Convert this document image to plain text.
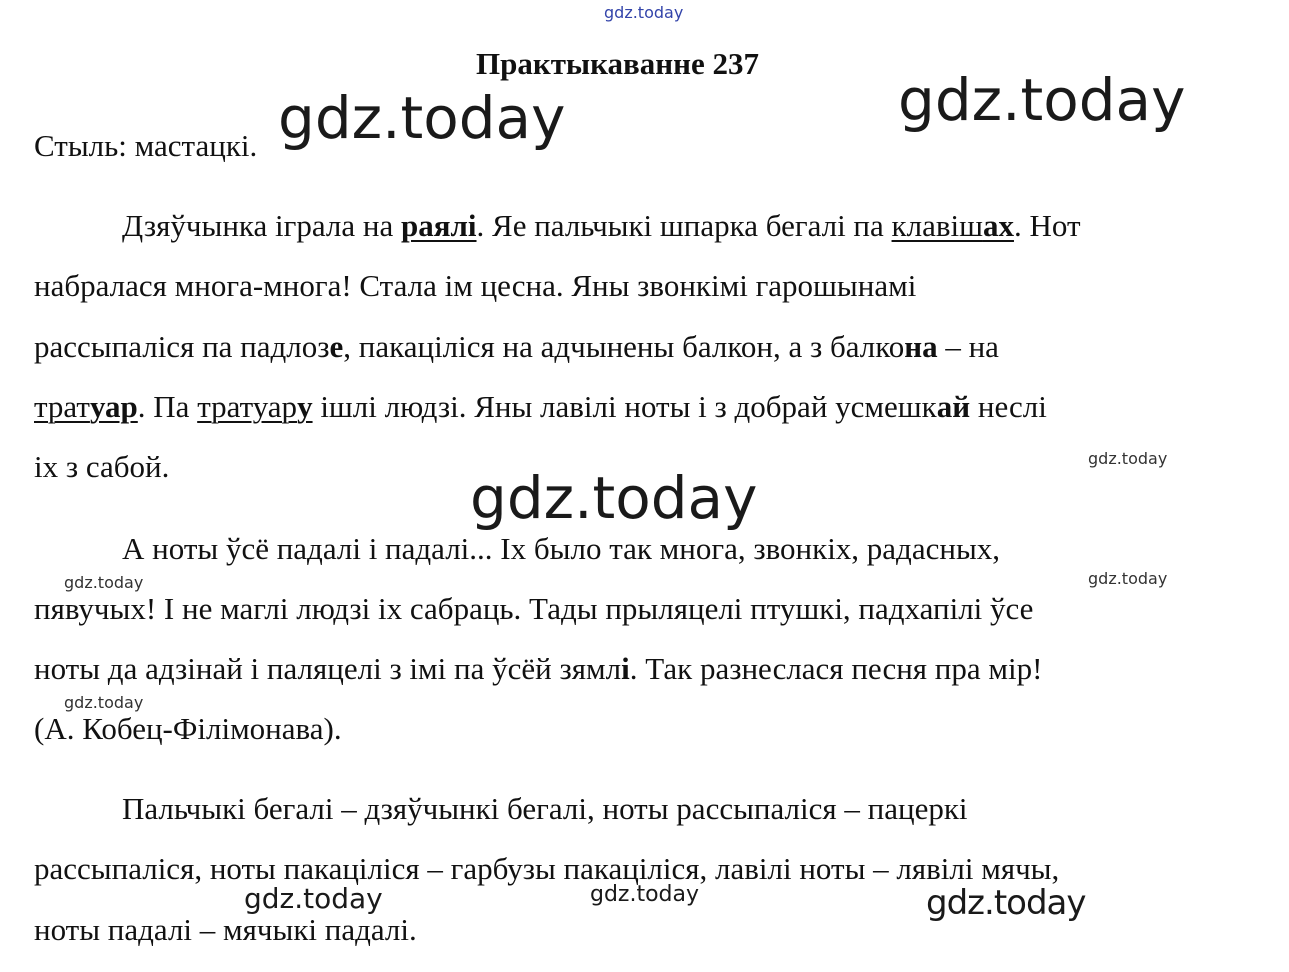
gdz.today
Практыкаванне 237
Стыль: мастацкі.
Дзяўчынка іграла на раялі. Яе пальчыкі шпарка бегалі па клавішах. Нот
набралася многа-многа! Стала ім цесна. Яны звонкімі гарошынамі
рассыпаліся па падлозе, пакаціліся на адчынены балкон, а з балкона – на
тратуар. Па тратуару ішлі людзі. Яны лавілі ноты і з добрай усмешкай неслі
іх з сабой.
А ноты ўсё падалі і падалі... Іх было так многа, звонкіх, радасных,
пявучых! І не маглі людзі іх сабраць. Тады прыляцелі птушкі, падхапілі ўсе
ноты да адзінай і паляцелі з імі па ўсёй зямлі. Так разнеслася песня пра мір!
(А. Кобец-Філімонава).
Пальчыкі бегалі – дзяўчынкі бегалі, ноты рассыпаліся – пацеркі
рассыпаліся, ноты пакаціліся – гарбузы пакаціліся, лавілі ноты – лявілі мячы,
ноты падалі – мячыкі падалі.
gdz.today	gdz.today
gdz.today
gdz.today
gdz.today	gdz.today
gdz.today
gdz.today
gdz.today
gdz.today
